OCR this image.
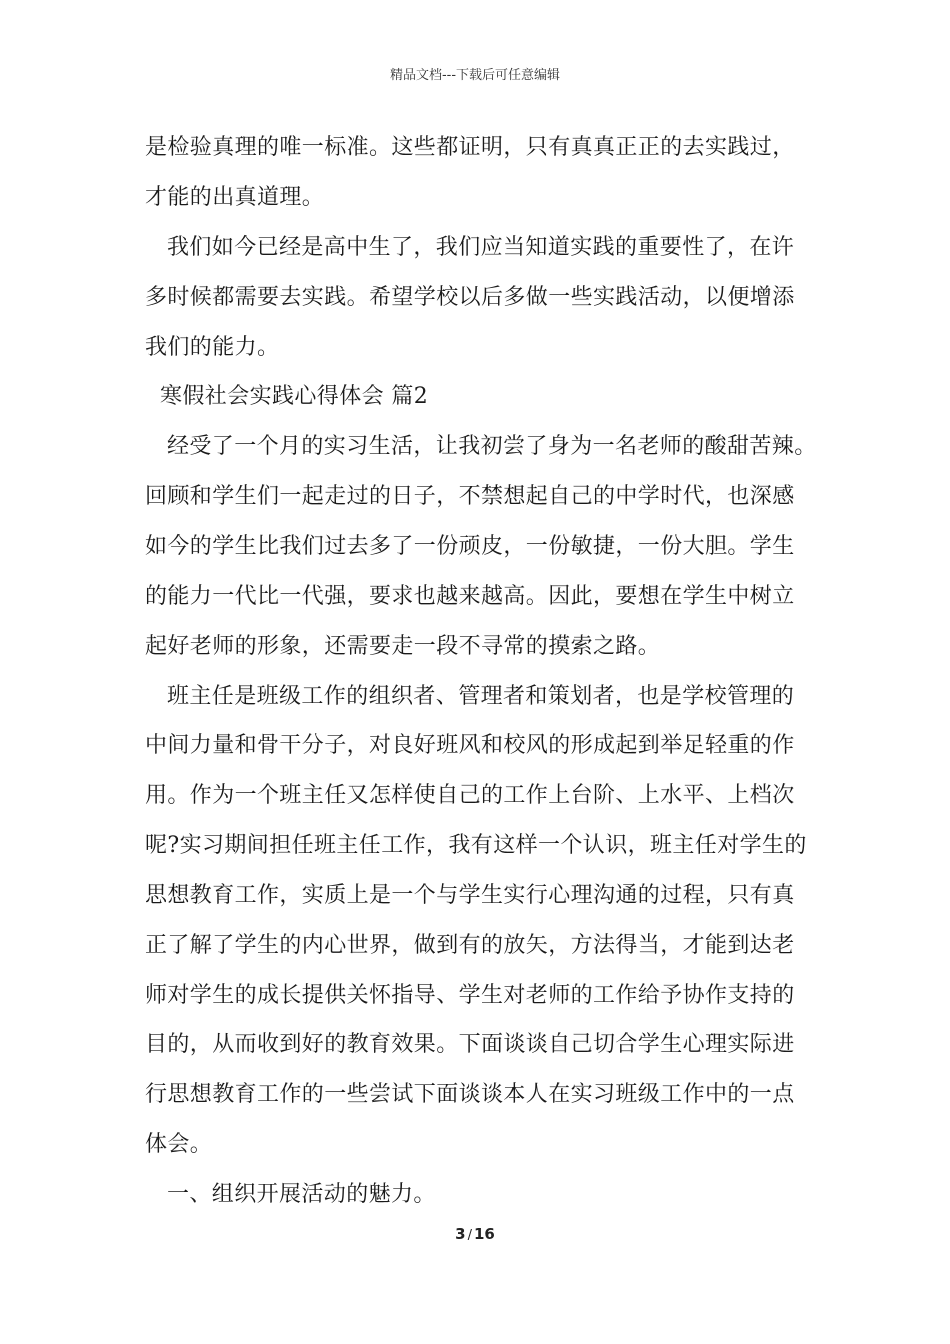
精品文档---下载后可任意编辑
是检验真理的唯一标准。这些都证明，只有真真正正的去实践过，
才能的出真道理。
我们如今已经是高中生了，我们应当知道实践的重要性了，在许
多时候都需要去实践。希望学校以后多做一些实践活动，以便增添
我们的能力。
寒假社会实践心得体会 篇2
经受了一个月的实习生活，让我初尝了身为一名老师的酸甜苦辣。
回顾和学生们一起走过的日子，不禁想起自己的中学时代，也深感
如今的学生比我们过去多了一份顽皮，一份敏捷，一份大胆。学生
的能力一代比一代强，要求也越来越高。因此，要想在学生中树立
起好老师的形象，还需要走一段不寻常的摸索之路。
班主任是班级工作的组织者、管理者和策划者，也是学校管理的
中间力量和骨干分子，对良好班风和校风的形成起到举足轻重的作
用。作为一个班主任又怎样使自己的工作上台阶、上水平、上档次
呢?实习期间担任班主任工作，我有这样一个认识，班主任对学生的
思想教育工作，实质上是一个与学生实行心理沟通的过程，只有真
正了解了学生的内心世界，做到有的放矢，方法得当，才能到达老
师对学生的成长提供关怀指导、学生对老师的工作给予协作支持的
目的，从而收到好的教育效果。下面谈谈自己切合学生心理实际进
行思想教育工作的一些尝试下面谈谈本人在实习班级工作中的一点
体会。
一、组织开展活动的魅力。
3 / 16
